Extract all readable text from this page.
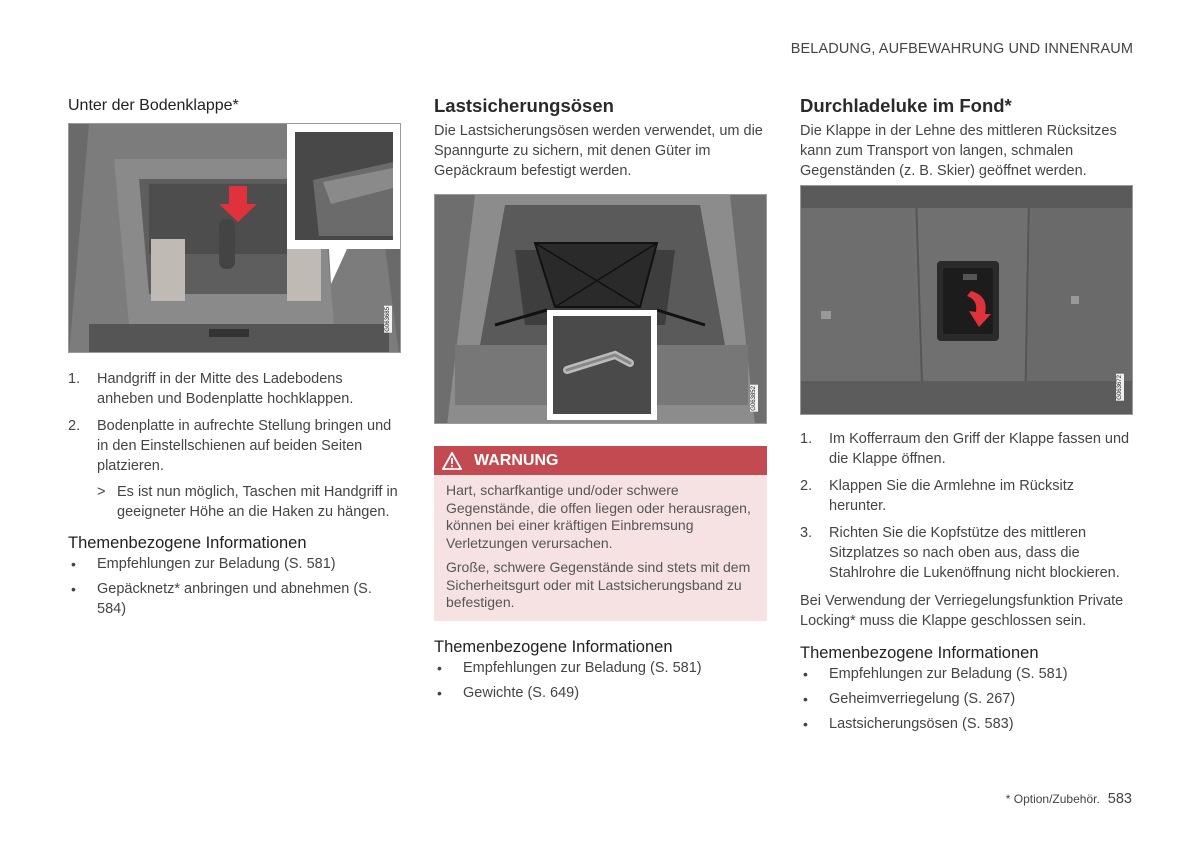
BELADUNG, AUFBEWAHRUNG UND INNENRAUM
Unter der Bodenklappe*
G063685
1. Handgriff in der Mitte des Ladebodens anheben und Bodenplatte hochklappen.
2. Bodenplatte in aufrechte Stellung bringen und in den Einstellschienen auf beiden Seiten platzieren.
> Es ist nun möglich, Taschen mit Handgriff in geeigneter Höhe an die Haken zu hängen.
Themenbezogene Informationen
• Empfehlungen zur Beladung (S. 581)
• Gepäcknetz* anbringen und abnehmen (S. 584)
Lastsicherungsösen
Die Lastsicherungsösen werden verwendet, um die Spanngurte zu sichern, mit denen Güter im Gepäckraum befestigt werden.
G063852
WARNUNG

Hart, scharfkantige und/oder schwere Gegenstände, die offen liegen oder herausragen, können bei einer kräftigen Einbremsung Verletzungen verursachen.

Große, schwere Gegenstände sind stets mit dem Sicherheitsgurt oder mit Lastsicherungsband zu befestigen.

Themenbezogene Informationen
• Empfehlungen zur Beladung (S. 581)
• Gewichte (S. 649)
Durchladeluke im Fond*
Die Klappe in der Lehne des mittleren Rücksitzes kann zum Transport von langen, schmalen Gegenständen (z. B. Skier) geöffnet werden.
G063672
1. Im Kofferraum den Griff der Klappe fassen und die Klappe öffnen.
2. Klappen Sie die Armlehne im Rücksitz herunter.
3. Richten Sie die Kopfstütze des mittleren Sitzplatzes so nach oben aus, dass die Stahlrohre die Lukenöffnung nicht blockieren.
Bei Verwendung der Verriegelungsfunktion Private Locking* muss die Klappe geschlossen sein.
Themenbezogene Informationen
• Empfehlungen zur Beladung (S. 581)
• Geheimverriegelung (S. 267)
• Lastsicherungsösen (S. 583)
* Option/Zubehör. 583
